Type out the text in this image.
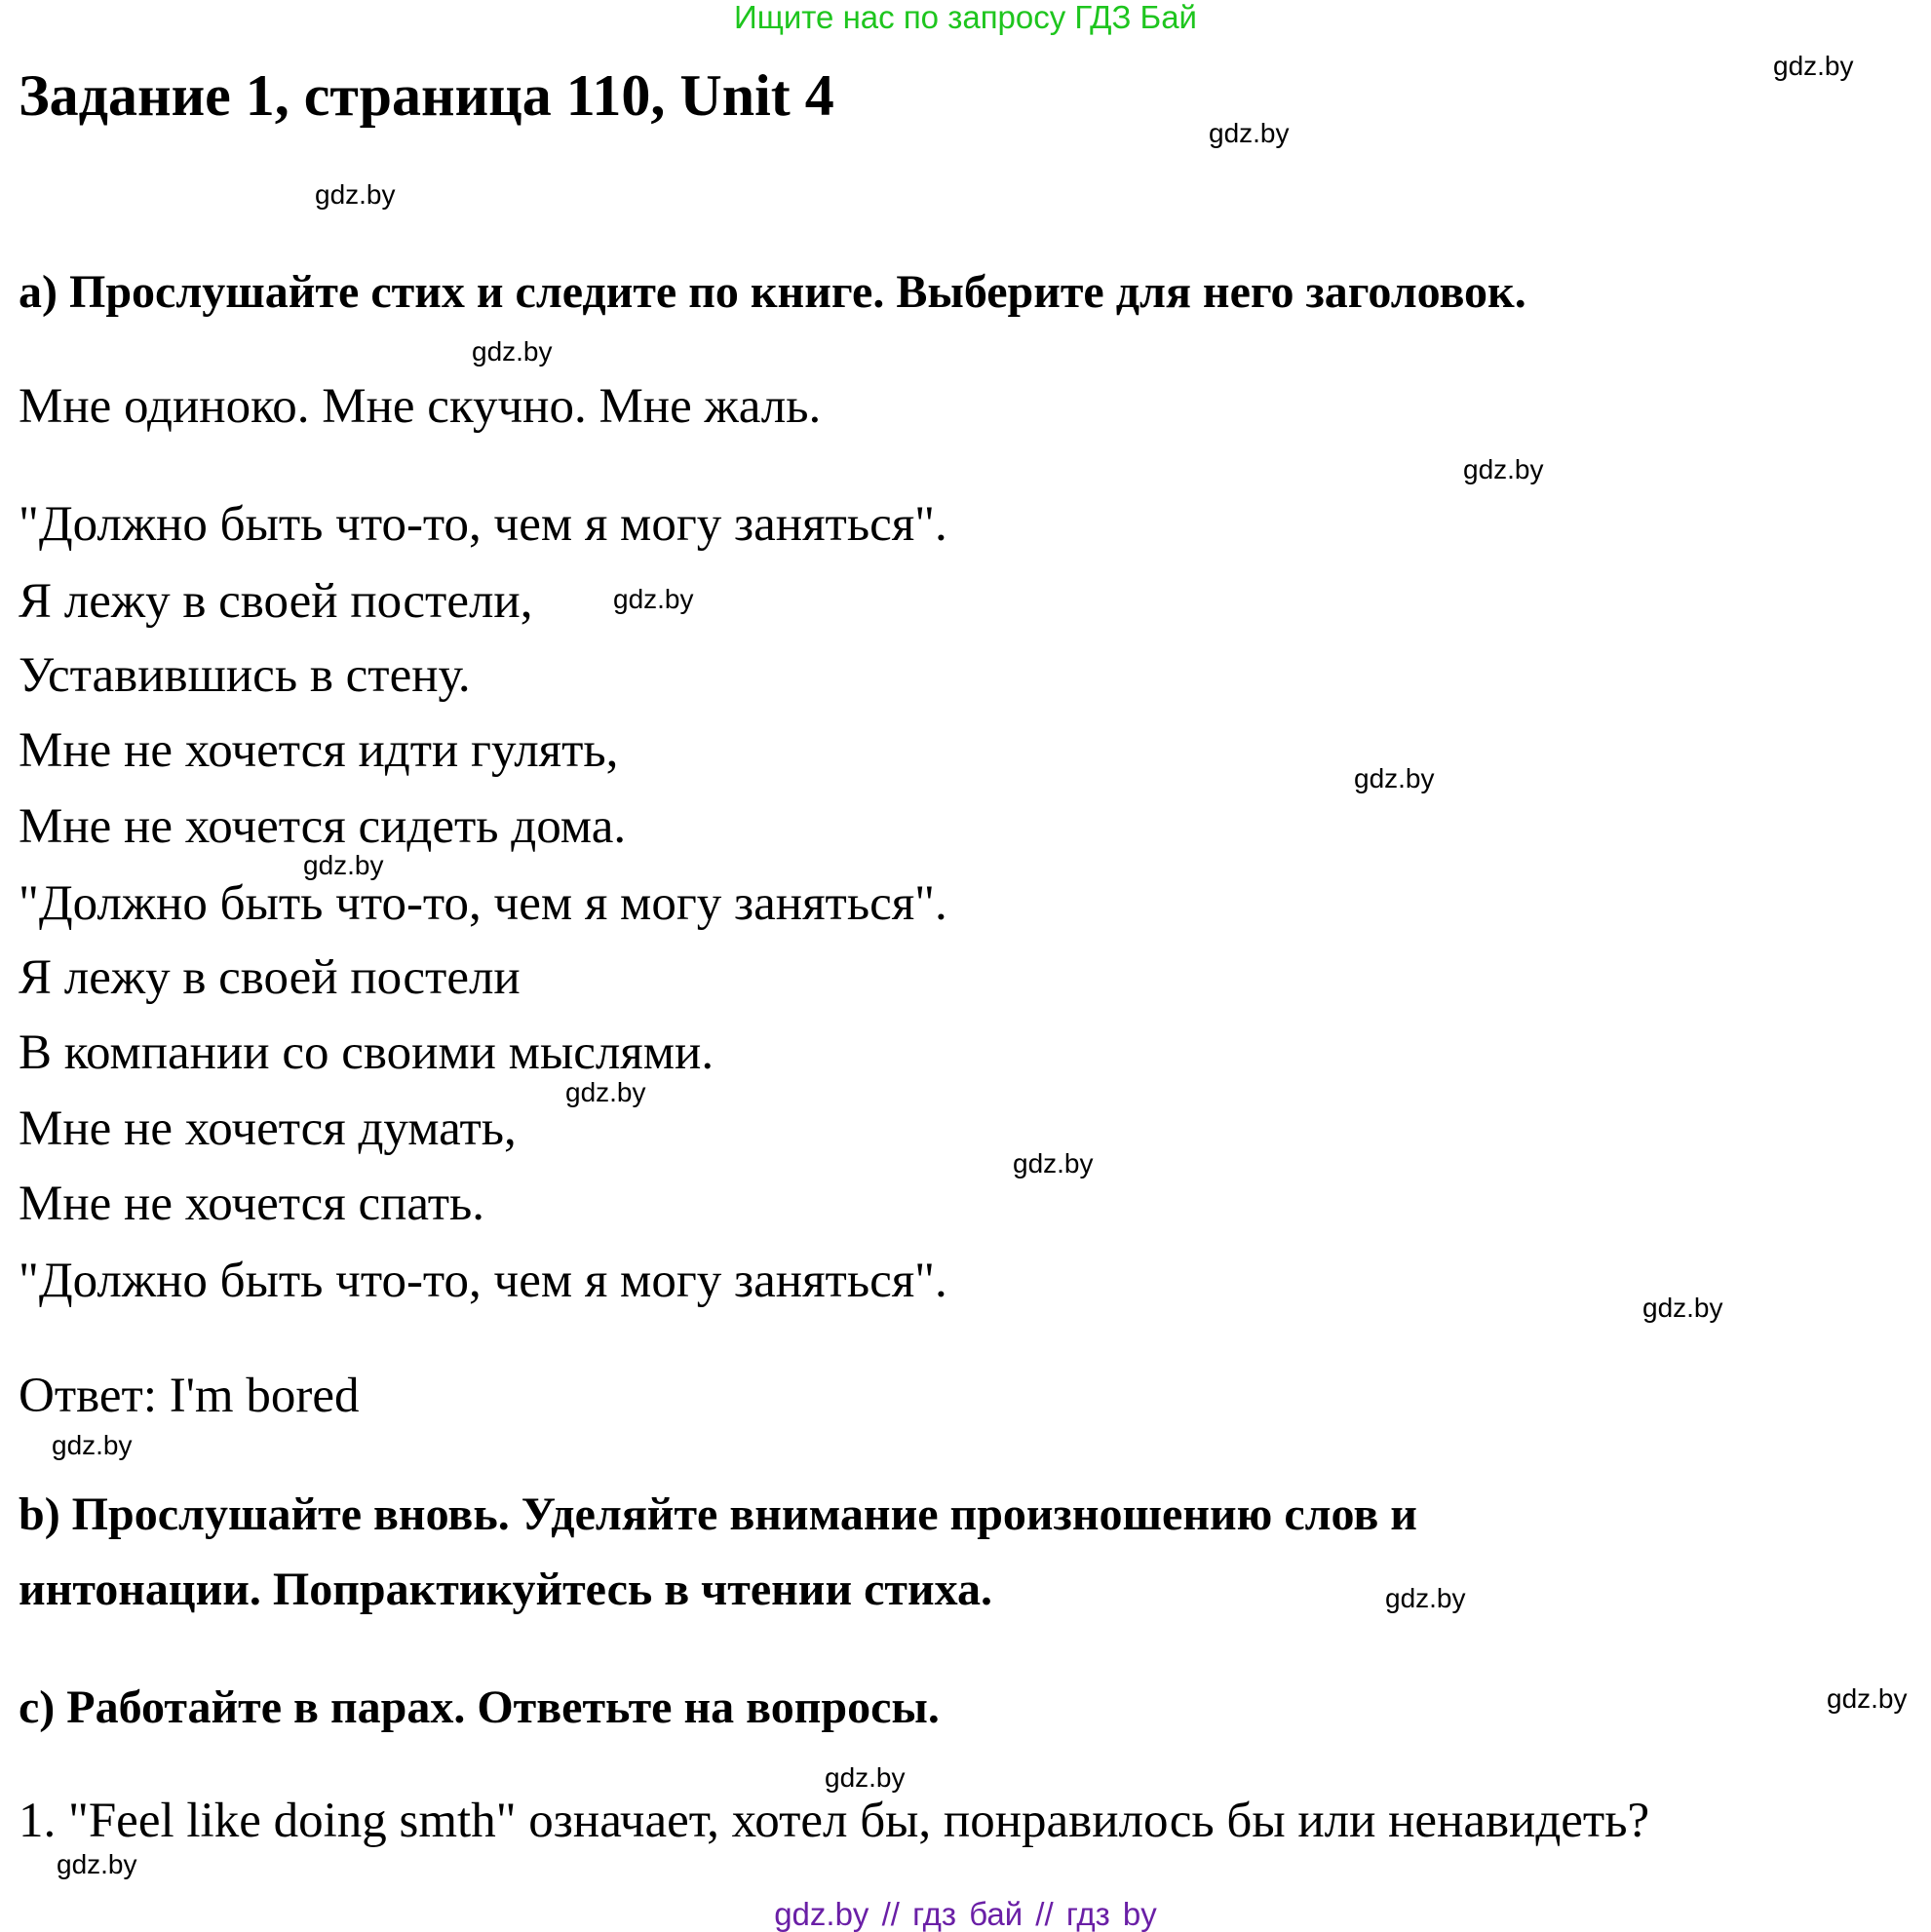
Ищите нас по запросу ГДЗ Бай
Задание 1, страница 110, Unit 4
a) Прослушайте стих и следите по книге. Выберите для него заголовок.
Мне одиноко. Мне скучно. Мне жаль.
"Должно быть что-то, чем я могу заняться".
Я лежу в своей постели,
Уставившись в стену.
Мне не хочется идти гулять,
Мне не хочется сидеть дома.
"Должно быть что-то, чем я могу заняться".
Я лежу в своей постели
В компании со своими мыслями.
Мне не хочется думать,
Мне не хочется спать.
"Должно быть что-то, чем я могу заняться".
Ответ: I'm bored
b) Прослушайте вновь. Уделяйте внимание произношению слов и
интонации. Попрактикуйтесь в чтении стиха.
c) Работайте в парах. Ответьте на вопросы.
1. "Feel like doing smth" означает, хотел бы, понравилось бы или ненавидеть?
gdz.by
gdz.by
gdz.by
gdz.by
gdz.by
gdz.by
gdz.by
gdz.by
gdz.by
gdz.by
gdz.by
gdz.by
gdz.by
gdz.by
gdz.by
gdz.by
gdz.by // гдз бай // гдз by
